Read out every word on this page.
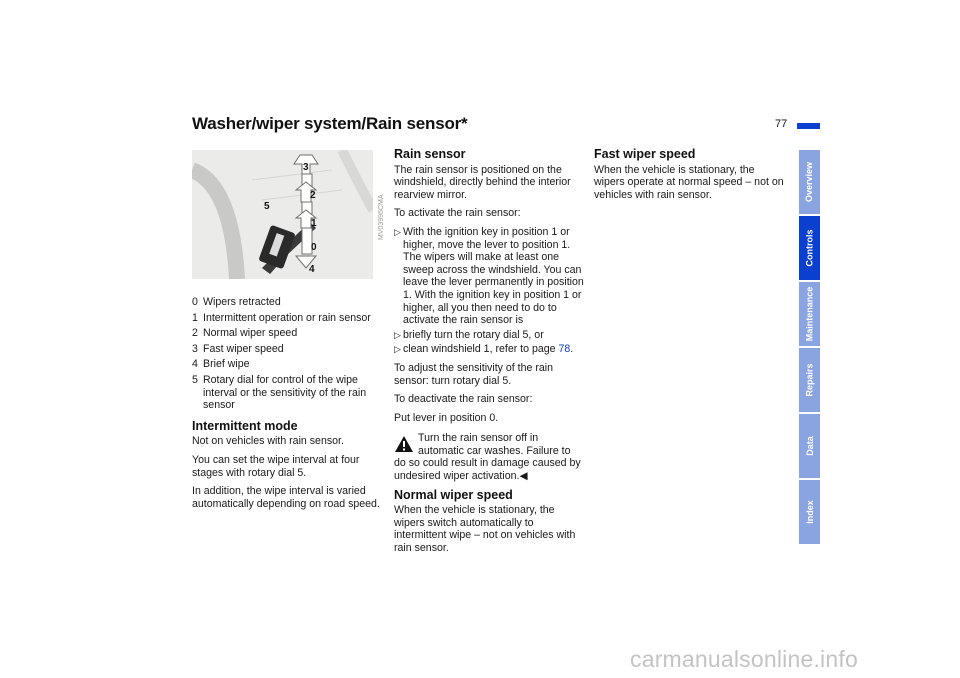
Washer/wiper system/Rain sensor*	77
3
2
5
1
0
4
MV03996CMA
0 Wipers retracted
1 Intermittent operation or rain sensor
2 Normal wiper speed
3 Fast wiper speed
4 Brief wipe
5 Rotary dial for control of the wipe interval or the sensitivity of the rain sensor
Intermittent mode

Not on vehicles with rain sensor.

You can set the wipe interval at four stages with rotary dial 5.

In addition, the wipe interval is varied automatically depending on road speed.

Rain sensor

The rain sensor is positioned on the windshield, directly behind the interior rearview mirror.

To activate the rain sensor:

▷ With the ignition key in position 1 or higher, move the lever to position 1. The wipers will make at least one sweep across the windshield. You can leave the lever permanently in position 1. With the ignition key in position 1 or higher, all you then need to do to activate the rain sensor is
▷ briefly turn the rotary dial 5, or
▷ clean windshield 1, refer to page 78.

To adjust the sensitivity of the rain sensor: turn rotary dial 5.

To deactivate the rain sensor:

Put lever in position 0.

Turn the rain sensor off in automatic car washes. Failure to do so could result in damage caused by undesired wiper activation.◀
Normal wiper speed

When the vehicle is stationary, the wipers switch automatically to intermittent wipe – not on vehicles with rain sensor.

Fast wiper speed

When the vehicle is stationary, the wipers operate at normal speed – not on vehicles with rain sensor.	Overview
Controls
Maintenance
Repairs
Data
Index
carmanualsonline.info
